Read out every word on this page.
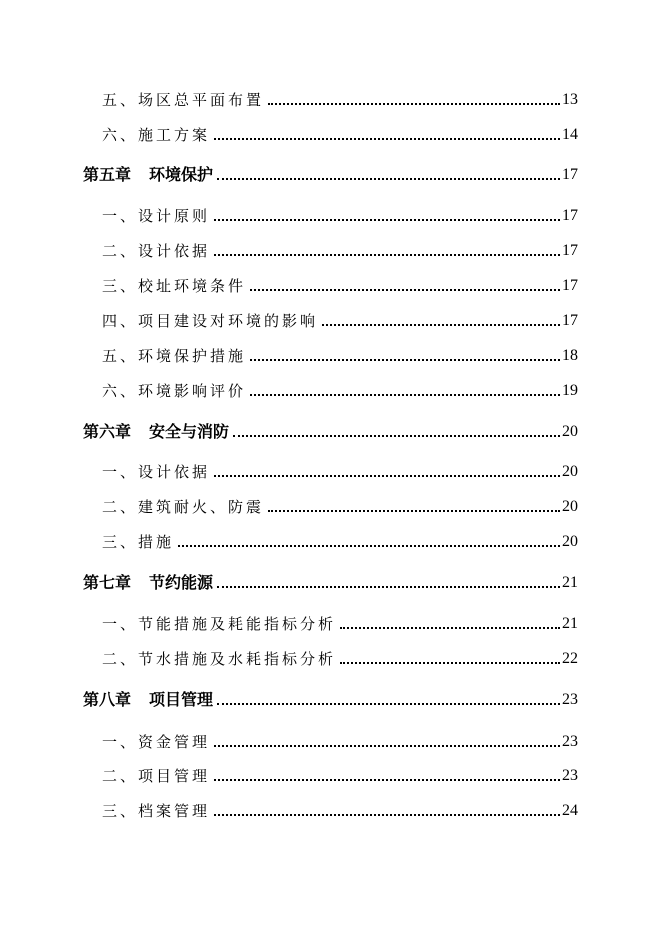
五、场区总平面布置	13
六、施工方案	14
第五章 环境保护	17
一、设计原则	17
二、设计依据	17
三、校址环境条件	17
四、项目建设对环境的影响	17
五、环境保护措施	18
六、环境影响评价	19
第六章 安全与消防	20
一、设计依据	20
二、建筑耐火、防震	20
三、措施	20
第七章 节约能源	21
一、节能措施及耗能指标分析	21
二、节水措施及水耗指标分析	22
第八章 项目管理	23
一、资金管理	23
二、项目管理	23
三、档案管理	24
